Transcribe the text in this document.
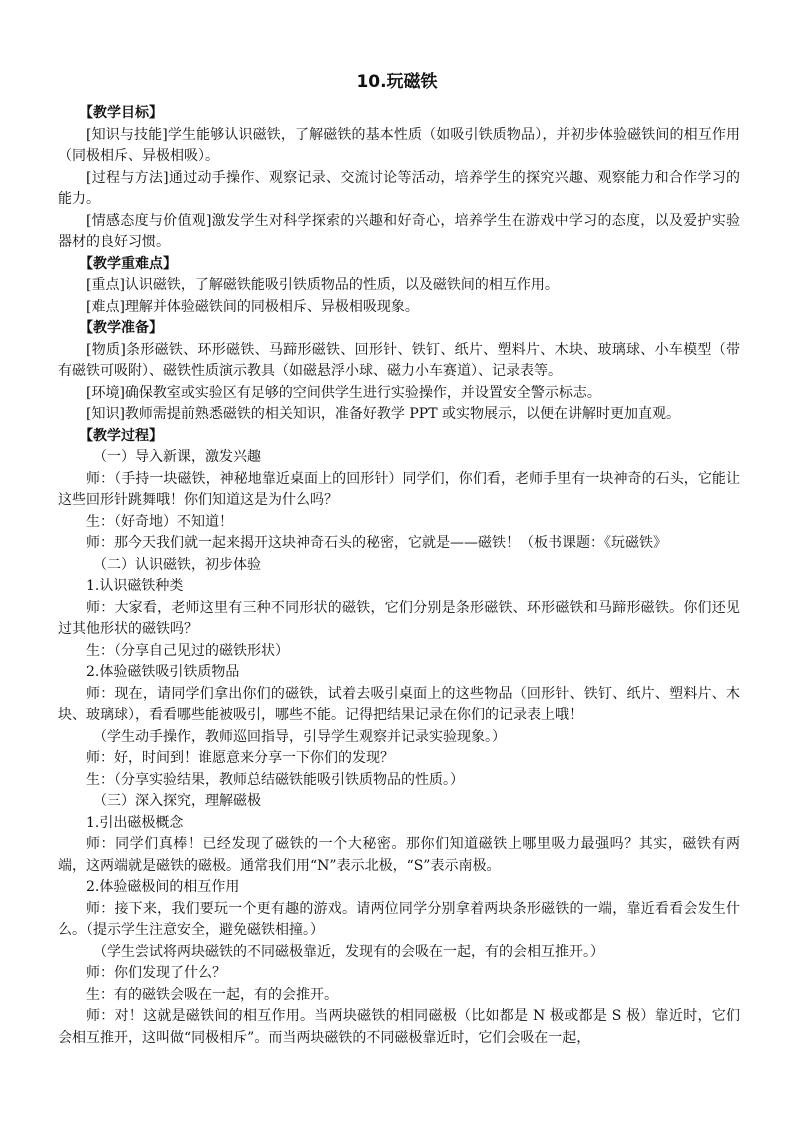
10.玩磁铁

【教学目标】

[知识与技能]学生能够认识磁铁，了解磁铁的基本性质（如吸引铁质物品），并初步体验磁铁间的相互作用（同极相斥、异极相吸）。

[过程与方法]通过动手操作、观察记录、交流讨论等活动，培养学生的探究兴趣、观察能力和合作学习的能力。

[情感态度与价值观]激发学生对科学探索的兴趣和好奇心，培养学生在游戏中学习的态度，以及爱护实验器材的良好习惯。

【教学重难点】

[重点]认识磁铁，了解磁铁能吸引铁质物品的性质，以及磁铁间的相互作用。

[难点]理解并体验磁铁间的同极相斥、异极相吸现象。

【教学准备】

[物质]条形磁铁、环形磁铁、马蹄形磁铁、回形针、铁钉、纸片、塑料片、木块、玻璃球、小车模型（带有磁铁可吸附）、磁铁性质演示教具（如磁悬浮小球、磁力小车赛道）、记录表等。

[环境]确保教室或实验区有足够的空间供学生进行实验操作，并设置安全警示标志。

[知识]教师需提前熟悉磁铁的相关知识，准备好教学 PPT 或实物展示，以便在讲解时更加直观。

【教学过程】

（一）导入新课，激发兴趣

师：（手持一块磁铁，神秘地靠近桌面上的回形针）同学们，你们看，老师手里有一块神奇的石头，它能让这些回形针跳舞哦！你们知道这是为什么吗？

生：（好奇地）不知道！

师：那今天我们就一起来揭开这块神奇石头的秘密，它就是——磁铁！（板书课题：《玩磁铁》

（二）认识磁铁，初步体验

1.认识磁铁种类

师：大家看，老师这里有三种不同形状的磁铁，它们分别是条形磁铁、环形磁铁和马蹄形磁铁。你们还见过其他形状的磁铁吗？

生：（分享自己见过的磁铁形状）

2.体验磁铁吸引铁质物品

师：现在，请同学们拿出你们的磁铁，试着去吸引桌面上的这些物品（回形针、铁钉、纸片、塑料片、木块、玻璃球），看看哪些能被吸引，哪些不能。记得把结果记录在你们的记录表上哦！

（学生动手操作，教师巡回指导，引导学生观察并记录实验现象。）

师：好，时间到！谁愿意来分享一下你们的发现？

生：（分享实验结果，教师总结磁铁能吸引铁质物品的性质。）

（三）深入探究，理解磁极

1.引出磁极概念

师：同学们真棒！已经发现了磁铁的一个大秘密。那你们知道磁铁上哪里吸力最强吗？其实，磁铁有两端，这两端就是磁铁的磁极。通常我们用“N”表示北极，“S”表示南极。

2.体验磁极间的相互作用

师：接下来，我们要玩一个更有趣的游戏。请两位同学分别拿着两块条形磁铁的一端，靠近看看会发生什么。（提示学生注意安全，避免磁铁相撞。）

（学生尝试将两块磁铁的不同磁极靠近，发现有的会吸在一起，有的会相互推开。）

师：你们发现了什么？

生：有的磁铁会吸在一起，有的会推开。

师：对！这就是磁铁间的相互作用。当两块磁铁的相同磁极（比如都是 N 极或都是 S 极）靠近时，它们会相互推开，这叫做“同极相斥”。而当两块磁铁的不同磁极靠近时，它们会吸在一起，
